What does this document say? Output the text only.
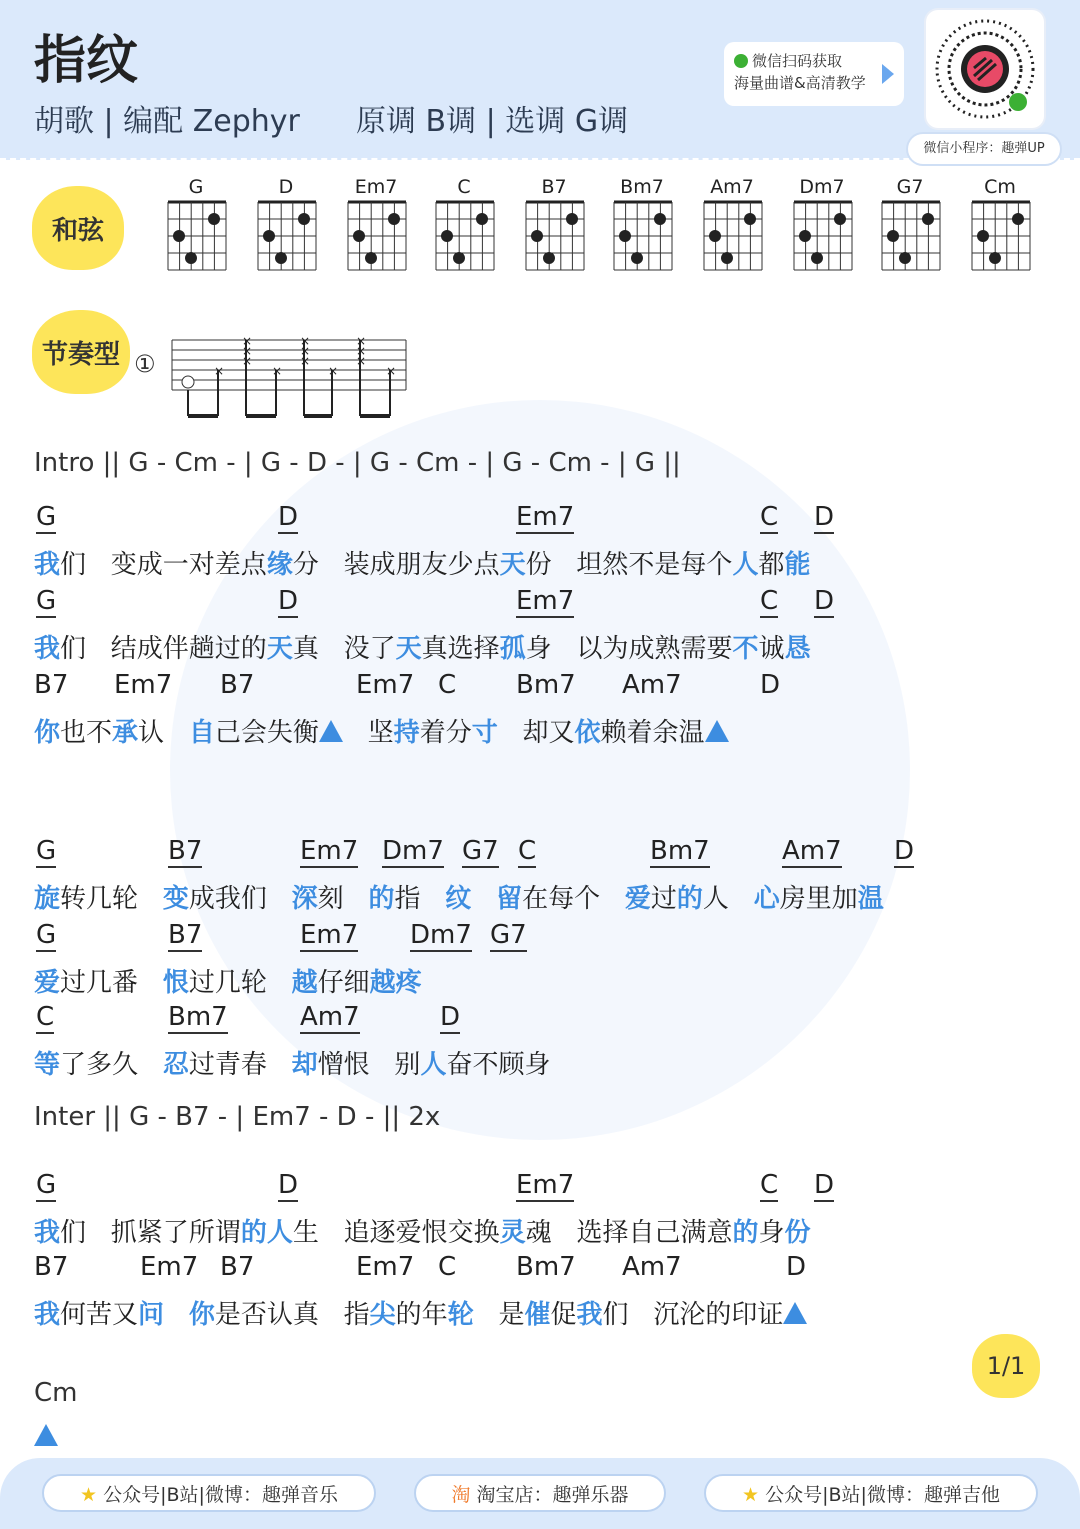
指纹
胡歌 | 编配 Zephyr 原调 B调 | 选调 G调
微信扫码获取
海量曲谱&高清教学
微信小程序：趣弹UP
和弦
节奏型 ①
G	D	Em7	C	B7	Bm7	Am7	Dm7	G7	Cm
×
×
×
×
×
×
×
×
×
×
×
×
×
Intro || G - Cm - | G - D - | G - Cm - | G - Cm - | G ||
G	D	Em7	C D
我们   变成一对差点缘分   装成朋友少点天份   坦然不是每个人都能
G	D	Em7	C D
我们   结成伴趟过的天真   没了天真选择孤身   以为成熟需要不诚恳
B7 Em7 B7	Em7 C Bm7 Am7	D
你也不承认   自己会失衡   坚持着分寸   却又依赖着余温
G	B7	Em7 Dm7 G7 C	Bm7	Am7 D
旋转几轮   变成我们   深刻   的指   纹 留在每个   爱过的人   心房里加温
G	B7	Em7 Dm7 G7
爱过几番   恨过几轮   越仔细越疼
C	Bm7	Am7	D
等了多久   忍过青春   却憎恨   别人奋不顾身
G	D	Em7	C D
我们   抓紧了所谓的人生   追逐爱恨交换灵魂   选择自己满意的身份
B7	Em7 B7	Em7 C Bm7 Am7	D
我何苦又问 你是否认真   指尖的年轮   是催促我们   沉沦的印证
Inter || G - B7 - | Em7 - D - || 2x
Cm
1/1
★ 公众号|B站|微博：趣弹音乐	淘 淘宝店：趣弹乐器	★ 公众号|B站|微博：趣弹吉他
